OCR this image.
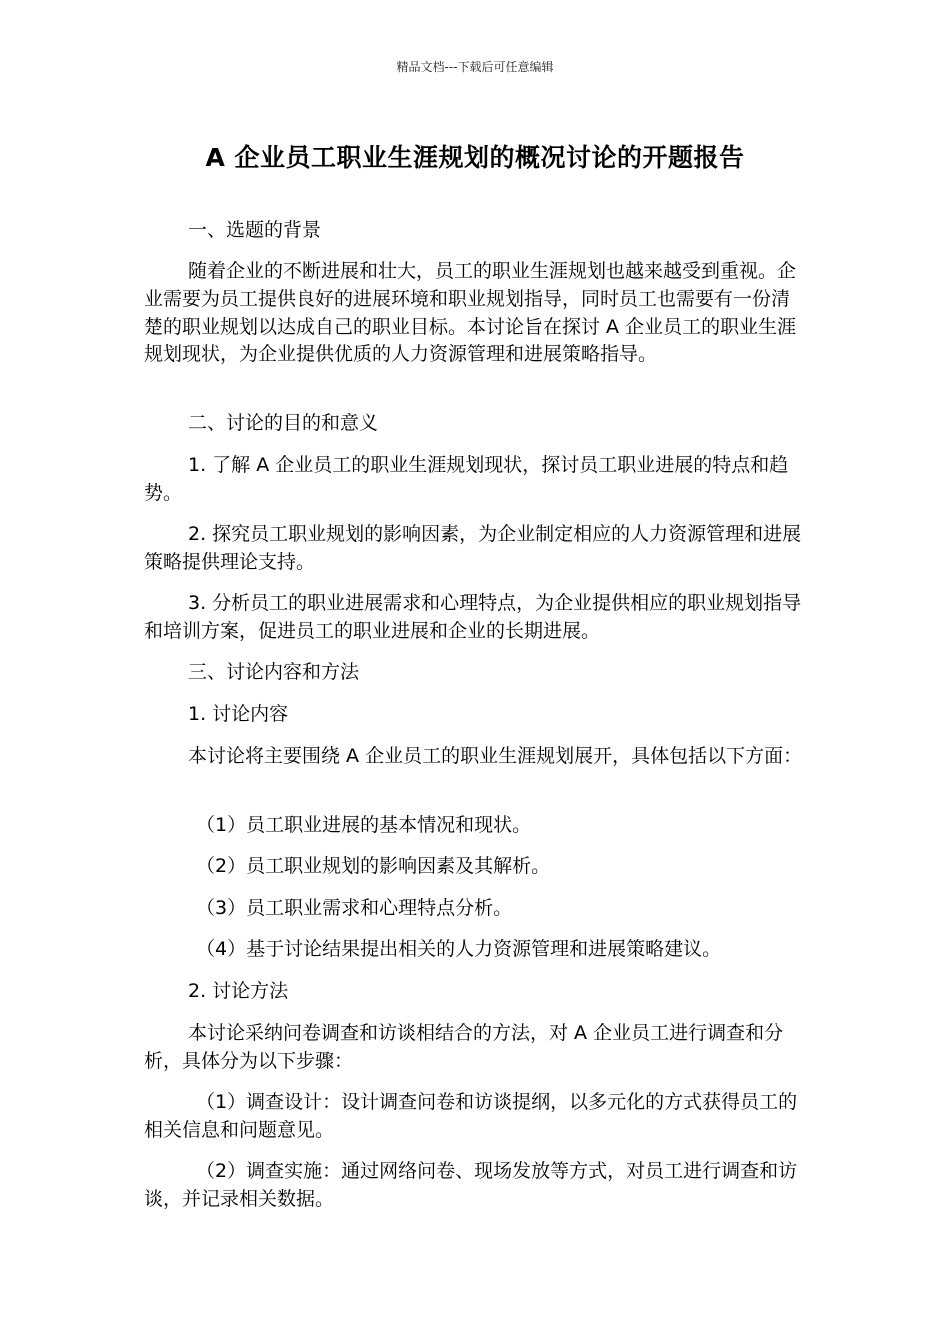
精品文档---下载后可任意编辑
A 企业员工职业生涯规划的概况讨论的开题报告

一、选题的背景

随着企业的不断进展和壮大，员工的职业生涯规划也越来越受到重视。企业需要为员工提供良好的进展环境和职业规划指导，同时员工也需要有一份清楚的职业规划以达成自己的职业目标。本讨论旨在探讨 A 企业员工的职业生涯规划现状，为企业提供优质的人力资源管理和进展策略指导。

二、讨论的目的和意义

1. 了解 A 企业员工的职业生涯规划现状，探讨员工职业进展的特点和趋势。

2. 探究员工职业规划的影响因素，为企业制定相应的人力资源管理和进展策略提供理论支持。

3. 分析员工的职业进展需求和心理特点，为企业提供相应的职业规划指导和培训方案，促进员工的职业进展和企业的长期进展。

三、讨论内容和方法

1. 讨论内容

本讨论将主要围绕 A 企业员工的职业生涯规划展开，具体包括以下方面：

（1）员工职业进展的基本情况和现状。

（2）员工职业规划的影响因素及其解析。

（3）员工职业需求和心理特点分析。

（4）基于讨论结果提出相关的人力资源管理和进展策略建议。

2. 讨论方法

本讨论采纳问卷调查和访谈相结合的方法，对 A 企业员工进行调查和分析，具体分为以下步骤：

（1）调查设计：设计调查问卷和访谈提纲，以多元化的方式获得员工的相关信息和问题意见。

（2）调查实施：通过网络问卷、现场发放等方式，对员工进行调查和访谈，并记录相关数据。
